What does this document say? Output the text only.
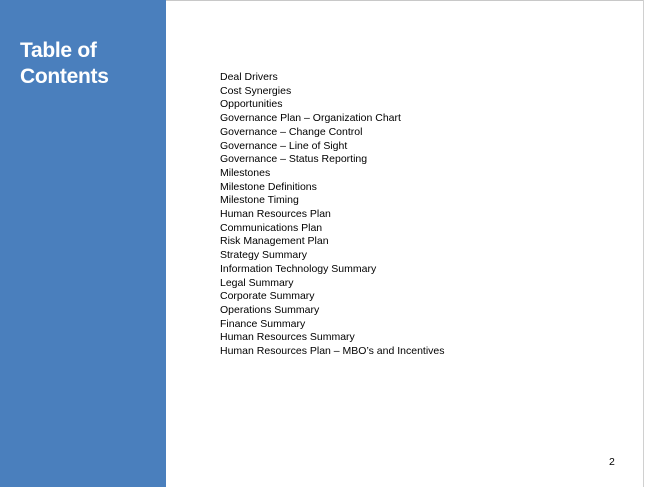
Table of
Contents	Deal Drivers
Cost Synergies
Opportunities
Governance Plan – Organization Chart
Governance – Change Control
Governance – Line of Sight
Governance – Status Reporting
Milestones
Milestone Definitions
Milestone Timing
Human Resources Plan
Communications Plan
Risk Management Plan
Strategy Summary
Information Technology Summary
Legal Summary
Corporate Summary
Operations Summary
Finance Summary
Human Resources Summary
Human Resources Plan – MBO’s and Incentives
2
